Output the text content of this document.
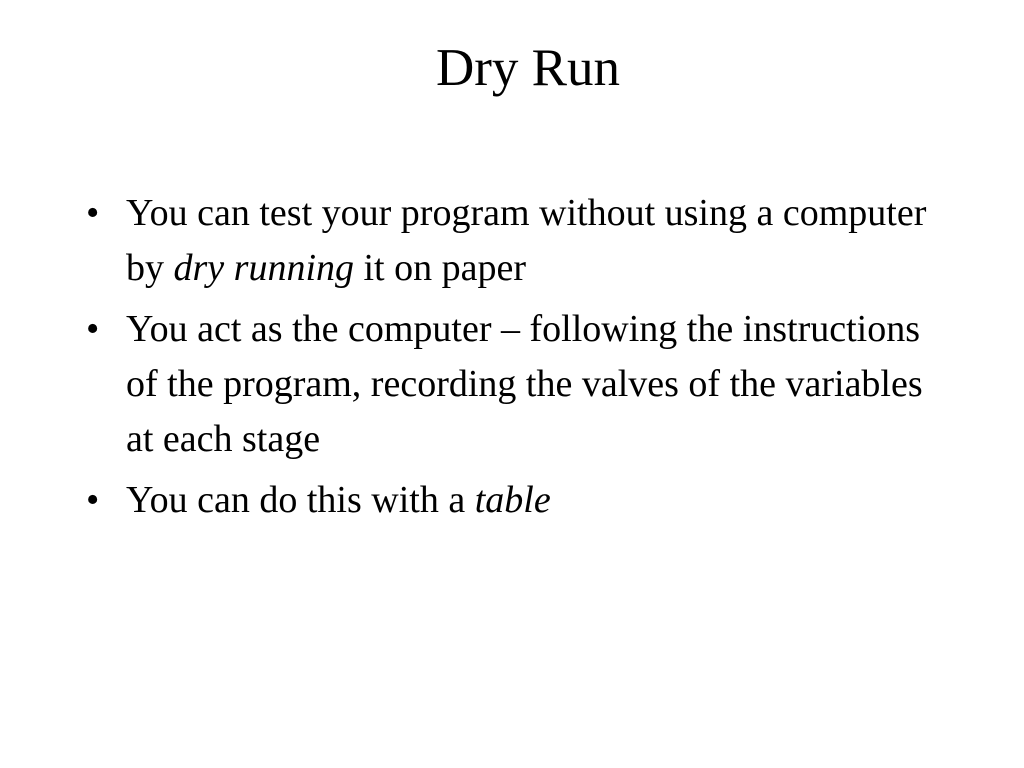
Dry Run
• You can test your program without using a computer by dry running it on paper
• You act as the computer – following the instructions of the program, recording the valves of the variables at each stage
• You can do this with a table
